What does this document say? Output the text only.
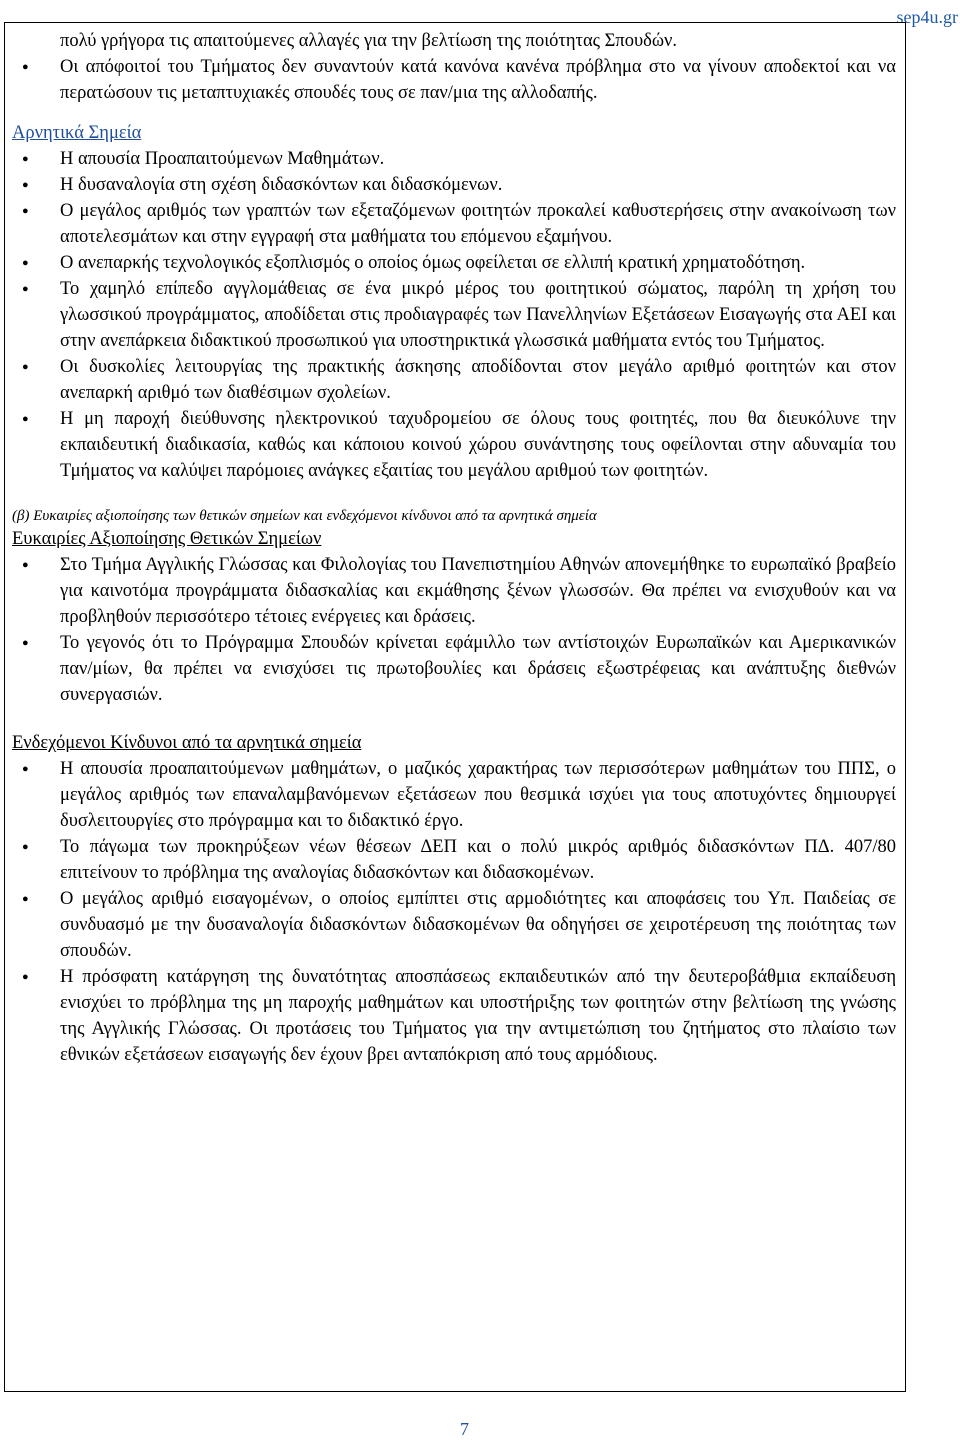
sep4u.gr
πολύ γρήγορα τις απαιτούμενες αλλαγές για την βελτίωση της ποιότητας Σπουδών.
● Οι απόφοιτοί του Τμήματος δεν συναντούν κατά κανόνα κανένα πρόβλημα στο να γίνουν αποδεκτοί και να περατώσουν τις μεταπτυχιακές σπουδές τους σε παν/μια της αλλοδαπής.
Αρνητικά Σημεία
● Η απουσία Προαπαιτούμενων Μαθημάτων.
● Η δυσαναλογία στη σχέση διδασκόντων και διδασκόμενων.
● Ο μεγάλος αριθμός των γραπτών των εξεταζόμενων φοιτητών προκαλεί καθυστερήσεις στην ανακοίνωση των αποτελεσμάτων και στην εγγραφή στα μαθήματα του επόμενου εξαμήνου.
● Ο ανεπαρκής τεχνολογικός εξοπλισμός ο οποίος όμως οφείλεται σε ελλιπή κρατική χρηματοδότηση.
● Το χαμηλό επίπεδο αγγλομάθειας σε ένα μικρό μέρος του φοιτητικού σώματος, παρόλη τη χρήση του γλωσσικού προγράμματος, αποδίδεται στις προδιαγραφές των Πανελληνίων Εξετάσεων Εισαγωγής στα ΑΕΙ και στην ανεπάρκεια διδακτικού προσωπικού για υποστηρικτικά γλωσσικά μαθήματα εντός του Τμήματος.
● Οι δυσκολίες λειτουργίας της πρακτικής άσκησης αποδίδονται στον μεγάλο αριθμό φοιτητών και στον ανεπαρκή αριθμό των διαθέσιμων σχολείων.
● Η μη παροχή διεύθυνσης ηλεκτρονικού ταχυδρομείου σε όλους τους φοιτητές, που θα διευκόλυνε την εκπαιδευτική διαδικασία, καθώς και κάποιου κοινού χώρου συνάντησης τους οφείλονται στην αδυναμία του Τμήματος να καλύψει παρόμοιες ανάγκες εξαιτίας του μεγάλου αριθμού των φοιτητών.
(β) Ευκαιρίες αξιοποίησης των θετικών σημείων και ενδεχόμενοι κίνδυνοι από τα αρνητικά σημεία
Ευκαιρίες Αξιοποίησης Θετικών Σημείων
● Στο Τμήμα Αγγλικής Γλώσσας και Φιλολογίας του Πανεπιστημίου Αθηνών απονεμήθηκε το ευρωπαϊκό βραβείο για καινοτόμα προγράμματα διδασκαλίας και εκμάθησης ξένων γλωσσών. Θα πρέπει να ενισχυθούν και να προβληθούν περισσότερο τέτοιες ενέργειες και δράσεις.
● Το γεγονός ότι το Πρόγραμμα Σπουδών κρίνεται εφάμιλλο των αντίστοιχών Ευρωπαϊκών και Αμερικανικών παν/μίων, θα πρέπει να ενισχύσει τις πρωτοβουλίες και δράσεις εξωστρέφειας και ανάπτυξης διεθνών συνεργασιών.
Ενδεχόμενοι Κίνδυνοι από τα αρνητικά σημεία
● Η απουσία προαπαιτούμενων μαθημάτων, ο μαζικός χαρακτήρας των περισσότερων μαθημάτων του ΠΠΣ, ο μεγάλος αριθμός των επαναλαμβανόμενων εξετάσεων που θεσμικά ισχύει για τους αποτυχόντες δημιουργεί δυσλειτουργίες στο πρόγραμμα και το διδακτικό έργο.
● Το πάγωμα των προκηρύξεων νέων θέσεων ΔΕΠ και ο πολύ μικρός αριθμός διδασκόντων ΠΔ. 407/80 επιτείνουν το πρόβλημα της αναλογίας διδασκόντων και διδασκομένων.
● Ο μεγάλος αριθμό εισαγομένων, ο οποίος εμπίπτει στις αρμοδιότητες και αποφάσεις του Υπ. Παιδείας σε συνδυασμό με την δυσαναλογία διδασκόντων διδασκομένων θα οδηγήσει σε χειροτέρευση της ποιότητας των σπουδών.
● Η πρόσφατη κατάργηση της δυνατότητας αποσπάσεως εκπαιδευτικών από την δευτεροβάθμια εκπαίδευση ενισχύει το πρόβλημα της μη παροχής μαθημάτων και υποστήριξης των φοιτητών στην βελτίωση της γνώσης της Αγγλικής Γλώσσας. Οι προτάσεις του Τμήματος για την αντιμετώπιση του ζητήματος στο πλαίσιο των εθνικών εξετάσεων εισαγωγής δεν έχουν βρει ανταπόκριση από τους αρμόδιους.
7
